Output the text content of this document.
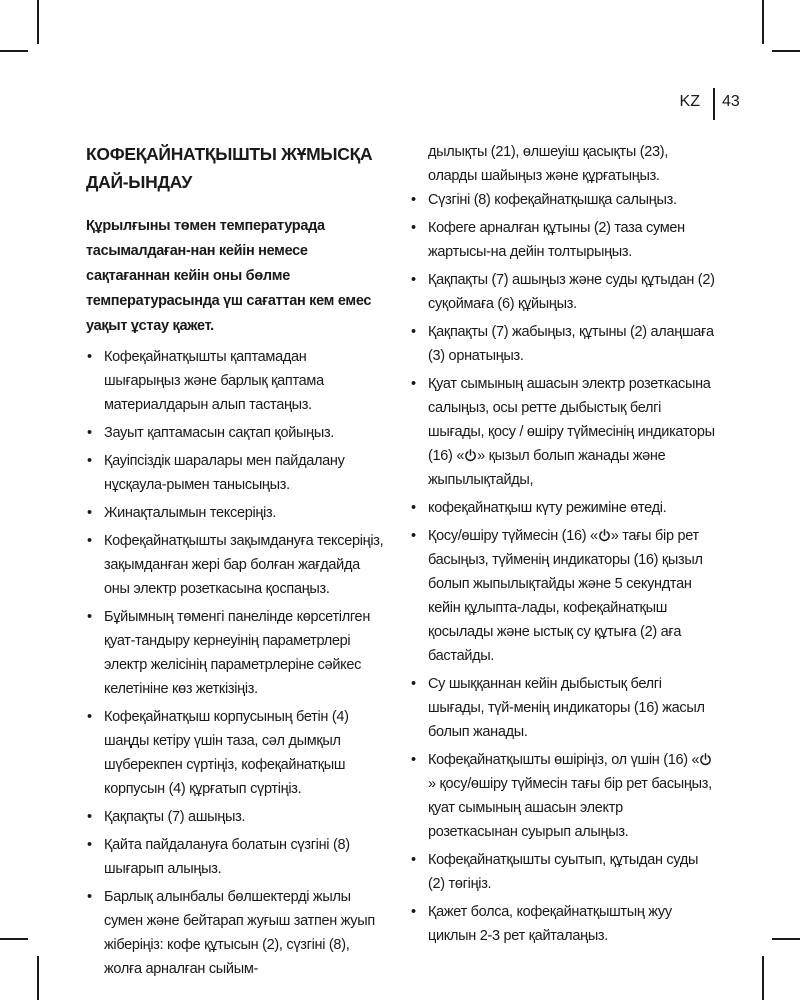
KZ 43
КОФЕҚАЙНАТҚЫШТЫ ЖҰМЫСҚА ДАЙ-ЫНДАУ

Құрылғыны төмен температурада тасымалдаған-нан кейін немесе сақтағаннан кейін оны бөлме температурасында үш сағаттан кем емес уақыт ұстау қажет.

• Кофеқайнатқышты қаптамадан шығарыңыз және барлық қаптама материалдарын алып тастаңыз.
• Зауыт қаптамасын сақтап қойыңыз.
• Қауіпсіздік шаралары мен пайдалану нұсқаула-рымен танысыңыз.
• Жинақталымын тексеріңіз.
• Кофеқайнатқышты зақымдануға тексеріңіз, зақымданған жері бар болған жағдайда оны электр розеткасына қоспаңыз.
• Бұйымның төменгі панелінде көрсетілген қуат-тандыру кернеуінің параметрлері электр желісінің параметрлеріне сәйкес келетініне көз жеткізіңіз.
• Кофеқайнатқыш корпусының бетін (4) шаңды кетіру үшін таза, сәл дымқыл шүберекпен сүртіңіз, кофеқайнатқыш корпусын (4) құрғатып сүртіңіз.
• Қақпақты (7) ашыңыз.
• Қайта пайдалануға болатын сүзгіні (8) шығарып алыңыз.
• Барлық алынбалы бөлшектерді жылы сумен және бейтарап жуғыш затпен жуып жіберіңіз: кофе құтысын (2), сүзгіні (8), жолға арналған сыйым-

дылықты (21), өлшеуіш қасықты (23), оларды шайыңыз және құрғатыңыз.

• Сүзгіні (8) кофеқайнатқышқа салыңыз.
• Кофеге арналған құтыны (2) таза сумен жартысы-на дейін толтырыңыз.
• Қақпақты (7) ашыңыз және суды құтыдан (2) суқоймаға (6) құйыңыз.
• Қақпақты (7) жабыңыз, құтыны (2) алаңшаға (3) орнатыңыз.
• Қуат сымының ашасын электр розеткасына салыңыз, осы ретте дыбыстық белгі шығады, қосу / өшіру түймесінің индикаторы (16) « » қызыл болып жанады және жыпылықтайды,
• кофеқайнатқыш күту режиміне өтеді.
• Қосу/өшіру түймесін (16) « » тағы бір рет басыңыз, түйменің индикаторы (16) қызыл болып жыпылықтайды және 5 секундтан кейін құлыпта-лады, кофеқайнатқыш қосылады және ыстық су құтыға (2) аға бастайды.
• Су шыққаннан кейін дыбыстық белгі шығады, түй-менің индикаторы (16) жасыл болып жанады.
• Кофеқайнатқышты өшіріңіз, ол үшін (16) «» қосу/өшіру түймесін тағы бір рет басыңыз, қуат сымының ашасын электр розеткасынан суырып алыңыз.
• Кофеқайнатқышты суытып, құтыдан суды (2) төгіңіз.
• Қажет болса, кофеқайнатқыштың жуу циклын 2-3 рет қайталаңыз.
